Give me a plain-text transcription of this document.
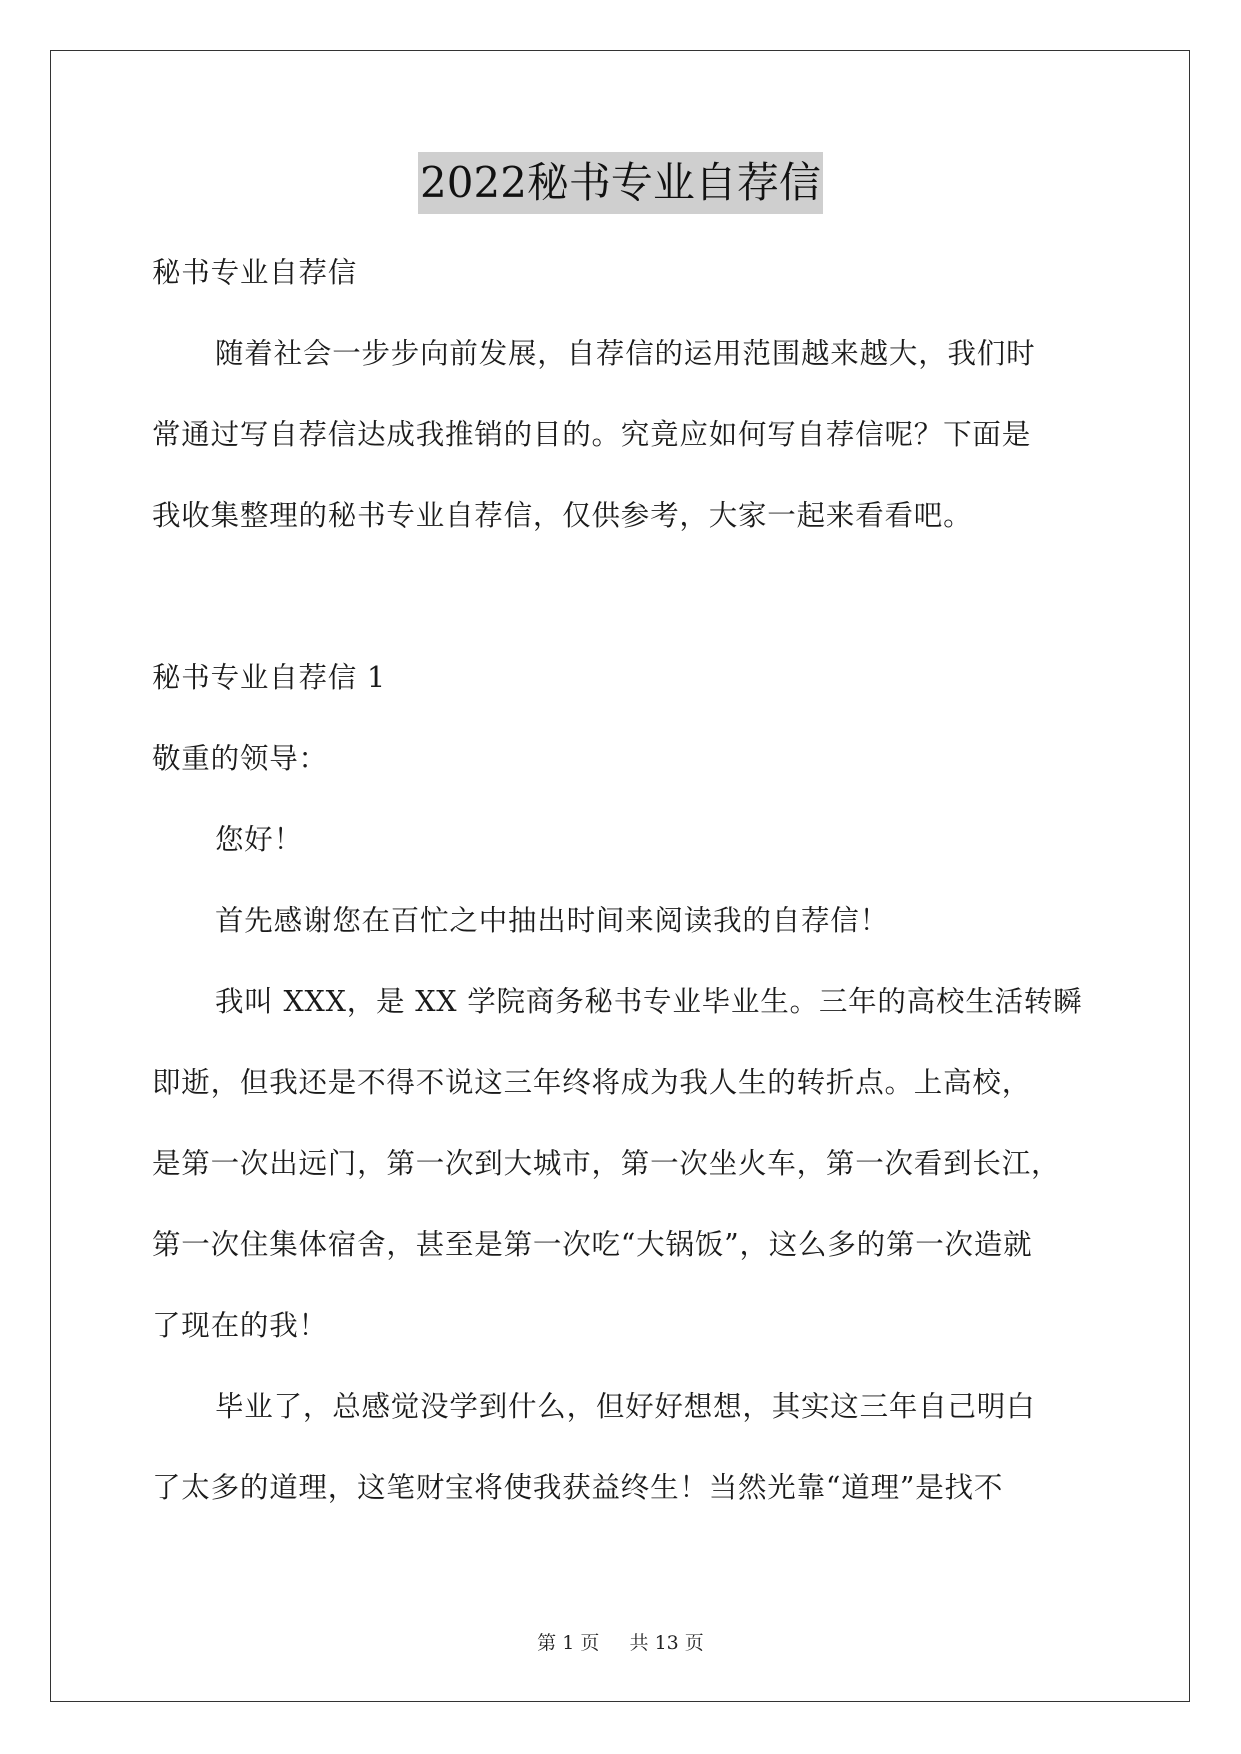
2022秘书专业自荐信
秘书专业自荐信
随着社会一步步向前发展，自荐信的运用范围越来越大，我们时
常通过写自荐信达成我推销的目的。究竟应如何写自荐信呢？下面是
我收集整理的秘书专业自荐信，仅供参考，大家一起来看看吧。
秘书专业自荐信 1
敬重的领导：
您好！
首先感谢您在百忙之中抽出时间来阅读我的自荐信！
我叫 XXX，是 XX 学院商务秘书专业毕业生。三年的高校生活转瞬
即逝，但我还是不得不说这三年终将成为我人生的转折点。上高校，
是第一次出远门，第一次到大城市，第一次坐火车，第一次看到长江，
第一次住集体宿舍，甚至是第一次吃“大锅饭”，这么多的第一次造就
了现在的我！
毕业了，总感觉没学到什么，但好好想想，其实这三年自己明白
了太多的道理，这笔财宝将使我获益终生！当然光靠“道理”是找不
第 1 页 共 13 页
